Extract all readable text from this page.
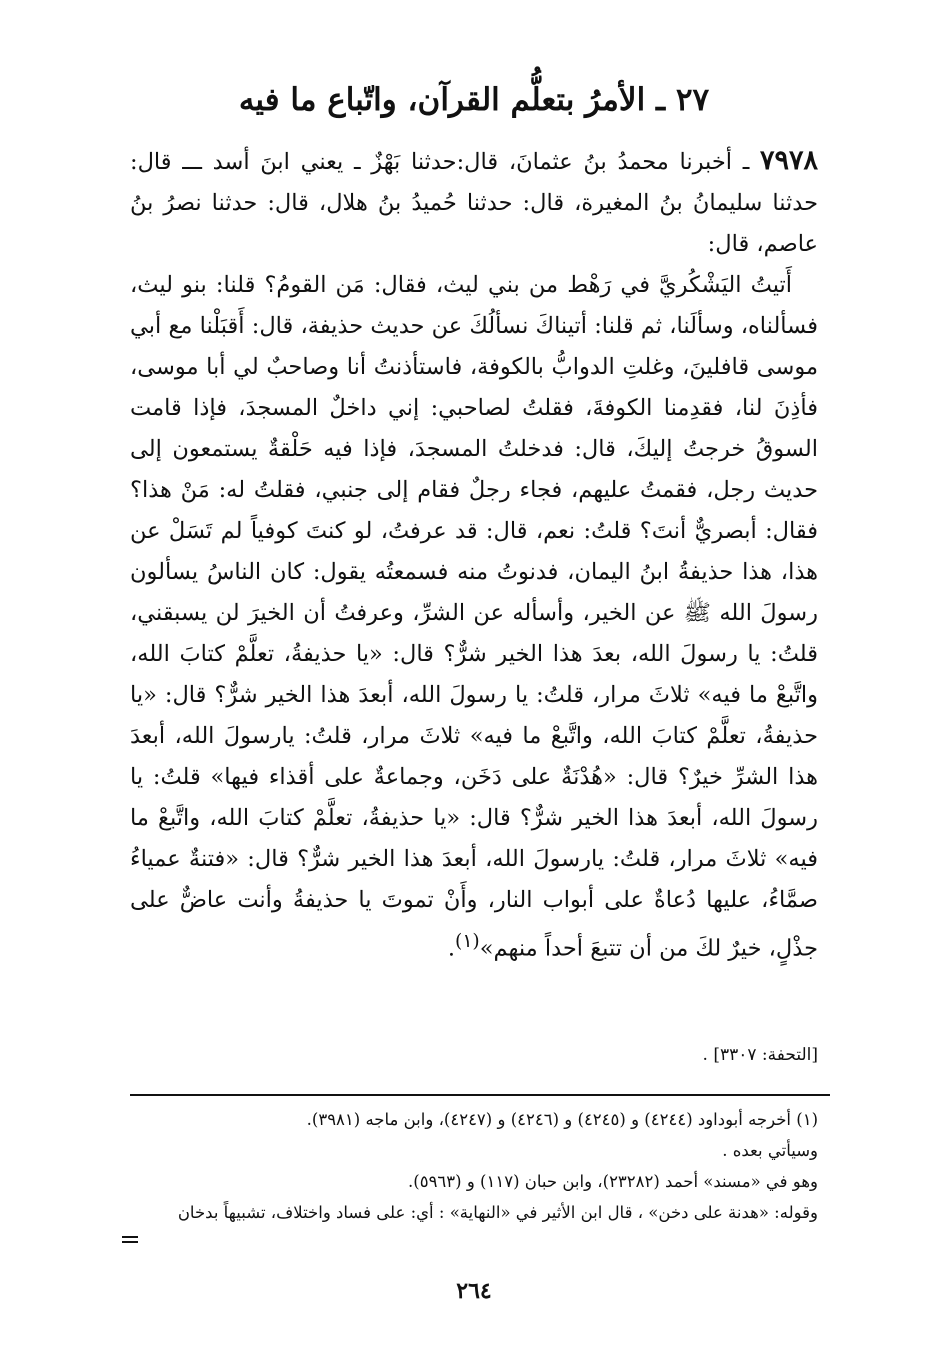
٢٧ ـ الأمرُ بتعلُّم القرآن، واتّباع ما فيه

٧٩٧٨ ـ أخبرنا محمدُ بنُ عثمانَ، قال:حدثنا بَهْزٌ ـ يعني ابنَ أسد ـــ قال: حدثنا سليمانُ بنُ المغيرة، قال: حدثنا حُميدُ بنُ هلال، قال: حدثنا نصرُ بنُ عاصم، قال:

أَتيتُ اليَشْكُريَّ في رَهْط من بني ليث، فقال: مَن القومُ؟ قلنا: بنو ليث، فسألناه، وسألَنا، ثم قلنا: أتيناكَ نسألُكَ عن حديث حذيفة، قال: أَقبَلْنا مع أبي موسى قافلينَ، وغلتِ الدوابُّ بالكوفة، فاستأذنتُ أنا وصاحبٌ لي أبا موسى، فأذِنَ لنا، فقدِمنا الكوفةَ، فقلتُ لصاحبي: إني داخلٌ المسجدَ، فإذا قامت السوقُ خرجتُ إليكَ، قال: فدخلتُ المسجدَ، فإذا فيه حَلْقةٌ يستمعون إلى حديث رجل، فقمتُ عليهم، فجاء رجلٌ فقام إلى جنبي، فقلتُ له: مَنْ هذا؟ فقال: أبصريٌّ أنتَ؟ قلتُ: نعم، قال: قد عرفتُ، لو كنتَ كوفياً لم تَسَلْ عن هذا، هذا حذيفةُ ابنُ اليمان، فدنوتُ منه فسمعتُه يقول: كان الناسُ يسألون رسولَ الله ﷺ عن الخير، وأسأله عن الشرِّ، وعرفتُ أن الخيرَ لن يسبقني، قلتُ: يا رسولَ الله، بعدَ هذا الخير شرٌّ؟ قال: «يا حذيفةُ، تعلَّمْ كتابَ الله، واتَّبعْ ما فيه» ثلاثَ مرار، قلتُ: يا رسولَ الله، أبعدَ هذا الخير شرٌّ؟ قال: «يا حذيفةُ، تعلَّمْ كتابَ الله، واتَّبعْ ما فيه» ثلاثَ مرار، قلتُ: يارسولَ الله، أبعدَ هذا الشرِّ خيرٌ؟ قال: «هُدْنَةٌ على دَخَن، وجماعةٌ على أقذاء فيها» قلتُ: يا رسولَ الله، أبعدَ هذا الخير شرٌّ؟ قال: «يا حذيفةُ، تعلَّمْ كتابَ الله، واتَّبعْ ما فيه» ثلاثَ مرار، قلتُ: يارسولَ الله، أبعدَ هذا الخير شرٌّ؟ قال: «فتنةٌ عمياءُ صمَّاءُ، عليها دُعاةٌ على أبواب النار، وأَنْ تموتَ يا حذيفةُ وأنت عاضٌّ على جذْلٍ، خيرٌ لكَ من أن تتبعَ أحداً منهم»$^{(١)}$.

[التحفة: ٣٣٠٧] .

(١) أخرجه أبوداود (٤٢٤٤) و (٤٢٤٥) و (٤٢٤٦) و (٤٢٤٧)، وابن ماجه (٣٩٨١).

وسيأتي بعده .

وهو في «مسند» أحمد (٢٣٢٨٢)، وابن حبان (١١٧) و (٥٩٦٣).

وقوله: «هدنة على دخن» ، قال ابن الأثير في «النهاية» : أي: على فساد واختلاف، تشبيهاً بدخان

٢٦٤
